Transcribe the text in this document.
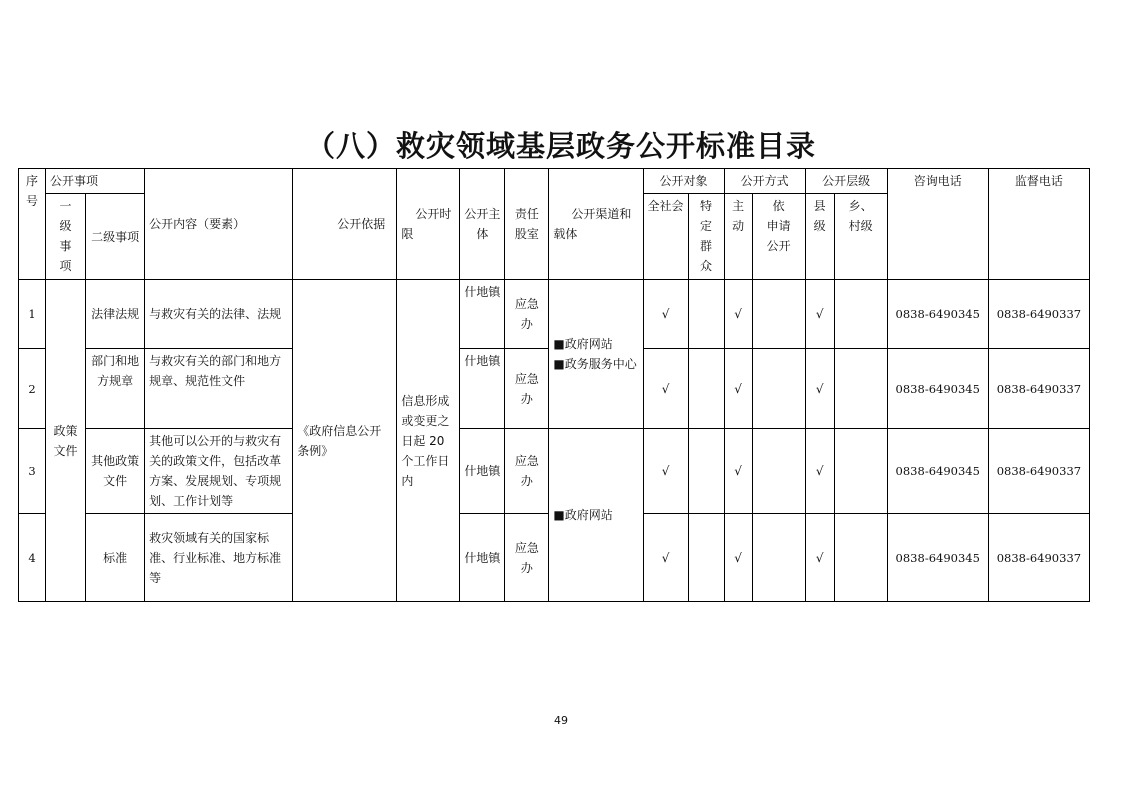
（八）救灾领域基层政务公开标准目录
序
号	公开事项		公开内容（要素）	公开依据	公开时限	公开主体	责任股室	公开渠道和载体	公开对象		公开方式		公开层级		咨询电话	监督电话

	一
级
事
项	二级事项							全社会	特
定
群
众	主
动	依
申请
公开	县
级	乡、
村级		

1	政策文件	法律法规	与救灾有关的法律、法规	《政府信息公开条例》	信息形成或变更之日起 20 个工作日内	什地镇	应急办	■政府网站
■政务服务中心	√		√		√		0838-6490345	0838-6490337
2		部门和地方规章	与救灾有关的部门和地方规章、规范性文件			什地镇	应急办		√		√		√		0838-6490345	0838-6490337
3		其他政策文件	其他可以公开的与救灾有关的政策文件，包括改革方案、发展规划、专项规划、工作计划等			什地镇	应急办	■政府网站	√		√		√		0838-6490345	0838-6490337
4		标准	救灾领域有关的国家标准、行业标准、地方标准等			什地镇	应急办		√		√		√		0838-6490345	0838-6490337
49
